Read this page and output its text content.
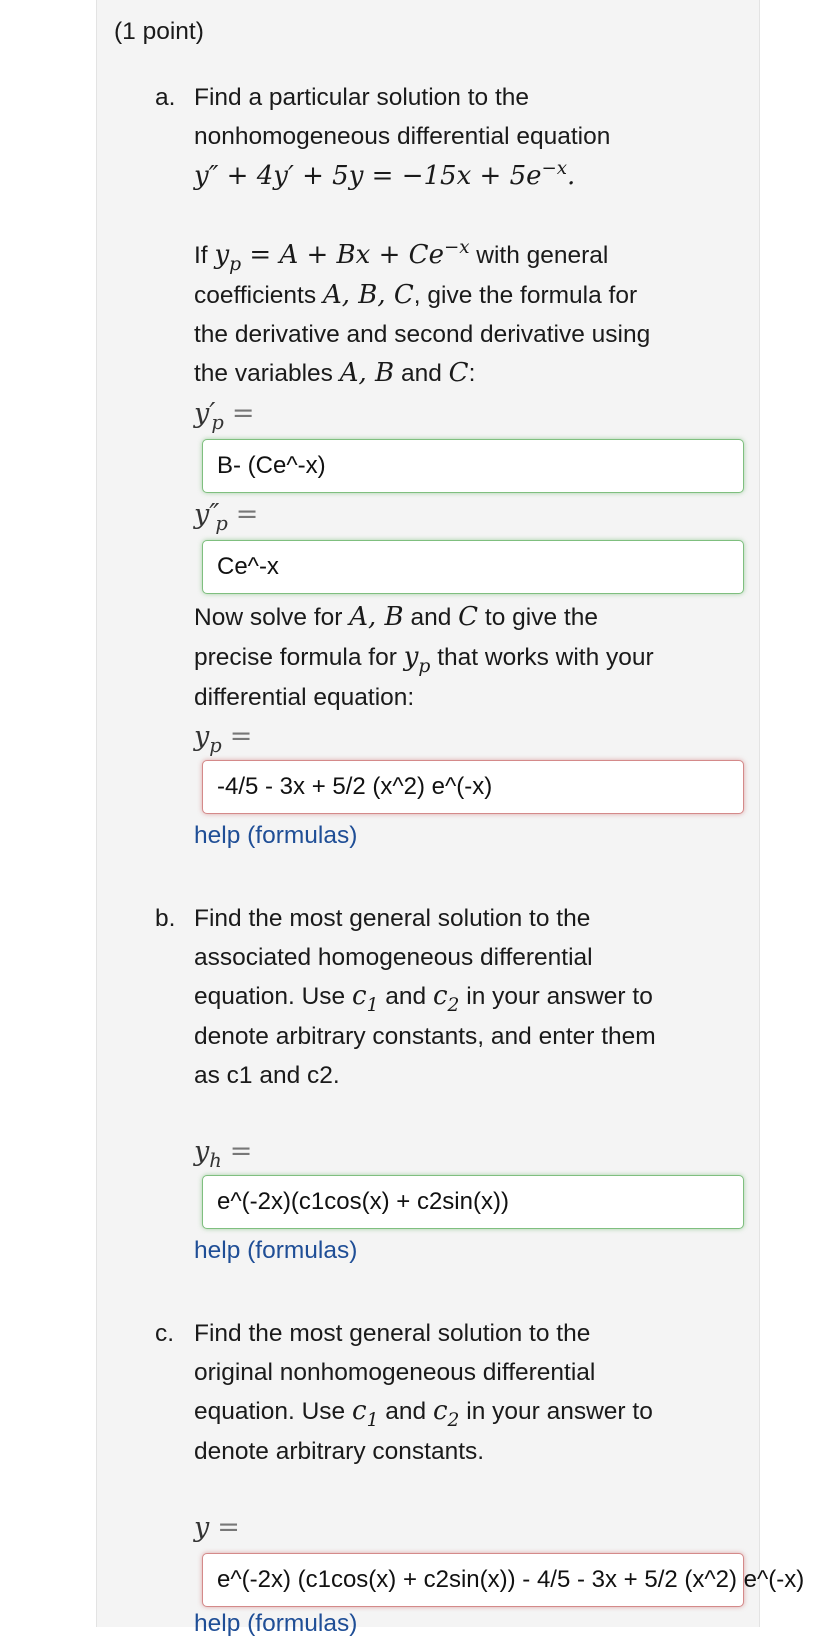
(1 point)
a. Find a particular solution to the
nonhomogeneous differential equation
$y'' + 4y' + 5y = -15x + 5e^{-x}$.
If $y_p = A + Bx + Ce^{-x}$ with general
coefficients A, B, C, give the formula for
the derivative and second derivative using
the variables A, B and C:
$y'_p$ =
B- (Ce^-x)
$y''_p$ =
Ce^-x
Now solve for A, B and C to give the
precise formula for $y_p$ that works with your
differential equation:
$y_p$ =
-4/5 - 3x + 5/2 (x^2) e^(-x)
help (formulas)
b. Find the most general solution to the
associated homogeneous differential
equation. Use $c_1$ and $c_2$ in your answer to
denote arbitrary constants, and enter them
as c1 and c2.
$y_h$ =
e^(-2x)(c1cos(x) + c2sin(x))
help (formulas)
c. Find the most general solution to the
original nonhomogeneous differential
equation. Use $c_1$ and $c_2$ in your answer to
denote arbitrary constants.
y =
e^(-2x) (c1cos(x) + c2sin(x)) - 4/5 - 3x + 5/2 (x^2) e^(-x)
help (formulas)
